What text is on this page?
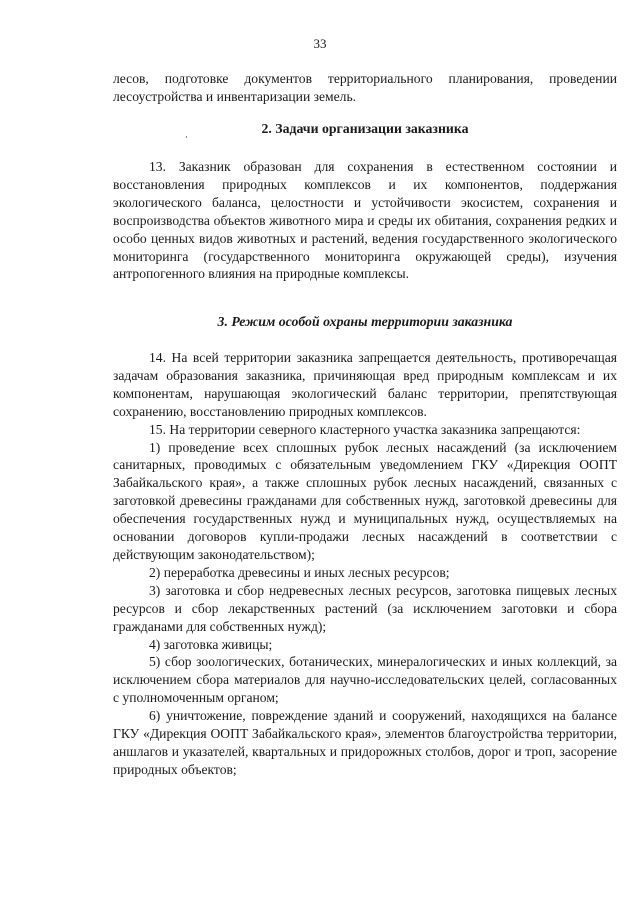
33

лесов, подготовке документов территориального планирования, проведении лесоустройства и инвентаризации земель.

2. Задачи организации заказника

13. Заказник образован для сохранения в естественном состоянии и восстановления природных комплексов и их компонентов, поддержания экологического баланса, целостности и устойчивости экосистем, сохранения и воспроизводства объектов животного мира и среды их обитания, сохранения редких и особо ценных видов животных и растений, ведения государственного экологического мониторинга (государственного мониторинга окружающей среды), изучения антропогенного влияния на природные комплексы.

3. Режим особой охраны территории заказника

14. На всей территории заказника запрещается деятельность, противоречащая задачам образования заказника, причиняющая вред природным комплексам и их компонентам, нарушающая экологический баланс территории, препятствующая сохранению, восстановлению природных комплексов.

15. На территории северного кластерного участка заказника запрещаются:

1) проведение всех сплошных рубок лесных насаждений (за исключением санитарных, проводимых с обязательным уведомлением ГКУ «Дирекция ООПТ Забайкальского края», а также сплошных рубок лесных насаждений, связанных с заготовкой древесины гражданами для собственных нужд, заготовкой древесины для обеспечения государственных нужд и муниципальных нужд, осуществляемых на основании договоров купли-продажи лесных насаждений в соответствии с действующим законодательством);

2) переработка древесины и иных лесных ресурсов;

3) заготовка и сбор недревесных лесных ресурсов, заготовка пищевых лесных ресурсов и сбор лекарственных растений (за исключением заготовки и сбора гражданами для собственных нужд);

4) заготовка живицы;

5) сбор зоологических, ботанических, минералогических и иных коллекций, за исключением сбора материалов для научно-исследовательских целей, согласованных с уполномоченным органом;

6) уничтожение, повреждение зданий и сооружений, находящихся на балансе ГКУ «Дирекция ООПТ Забайкальского края», элементов благоустройства территории, аншлагов и указателей, квартальных и придорожных столбов, дорог и троп, засорение природных объектов;
